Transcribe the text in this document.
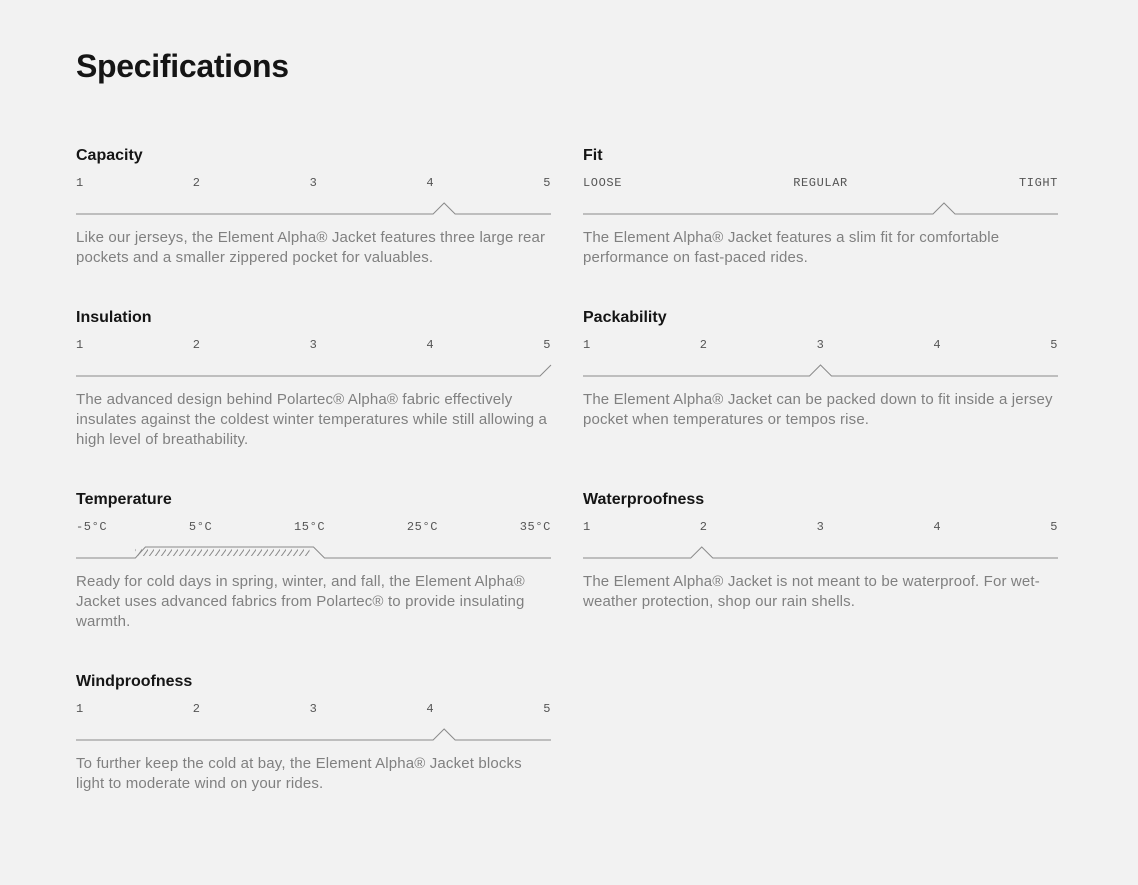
Specifications
Capacity
1	2	3	4	5

Like our jerseys, the Element Alpha® Jacket features three large rear pockets and a smaller zippered pocket for valuables.

Fit
LOOSE	REGULAR	TIGHT

The Element Alpha® Jacket features a slim fit for comfortable performance on fast-paced rides.

Insulation
1	2	3	4	5

The advanced design behind Polartec® Alpha® fabric effectively insulates against the coldest winter temperatures while still allowing a high level of breathability.

Packability
1	2	3	4	5

The Element Alpha® Jacket can be packed down to fit inside a jersey pocket when temperatures or tempos rise.

Temperature
-5°C	5°C	15°C	25°C	35°C

Ready for cold days in spring, winter, and fall, the Element Alpha® Jacket uses advanced fabrics from Polartec® to provide insulating warmth.

Waterproofness
1	2	3	4	5

The Element Alpha® Jacket is not meant to be waterproof. For wet-weather protection, shop our rain shells.

Windproofness
1	2	3	4	5

To further keep the cold at bay, the Element Alpha® Jacket blocks light to moderate wind on your rides.
